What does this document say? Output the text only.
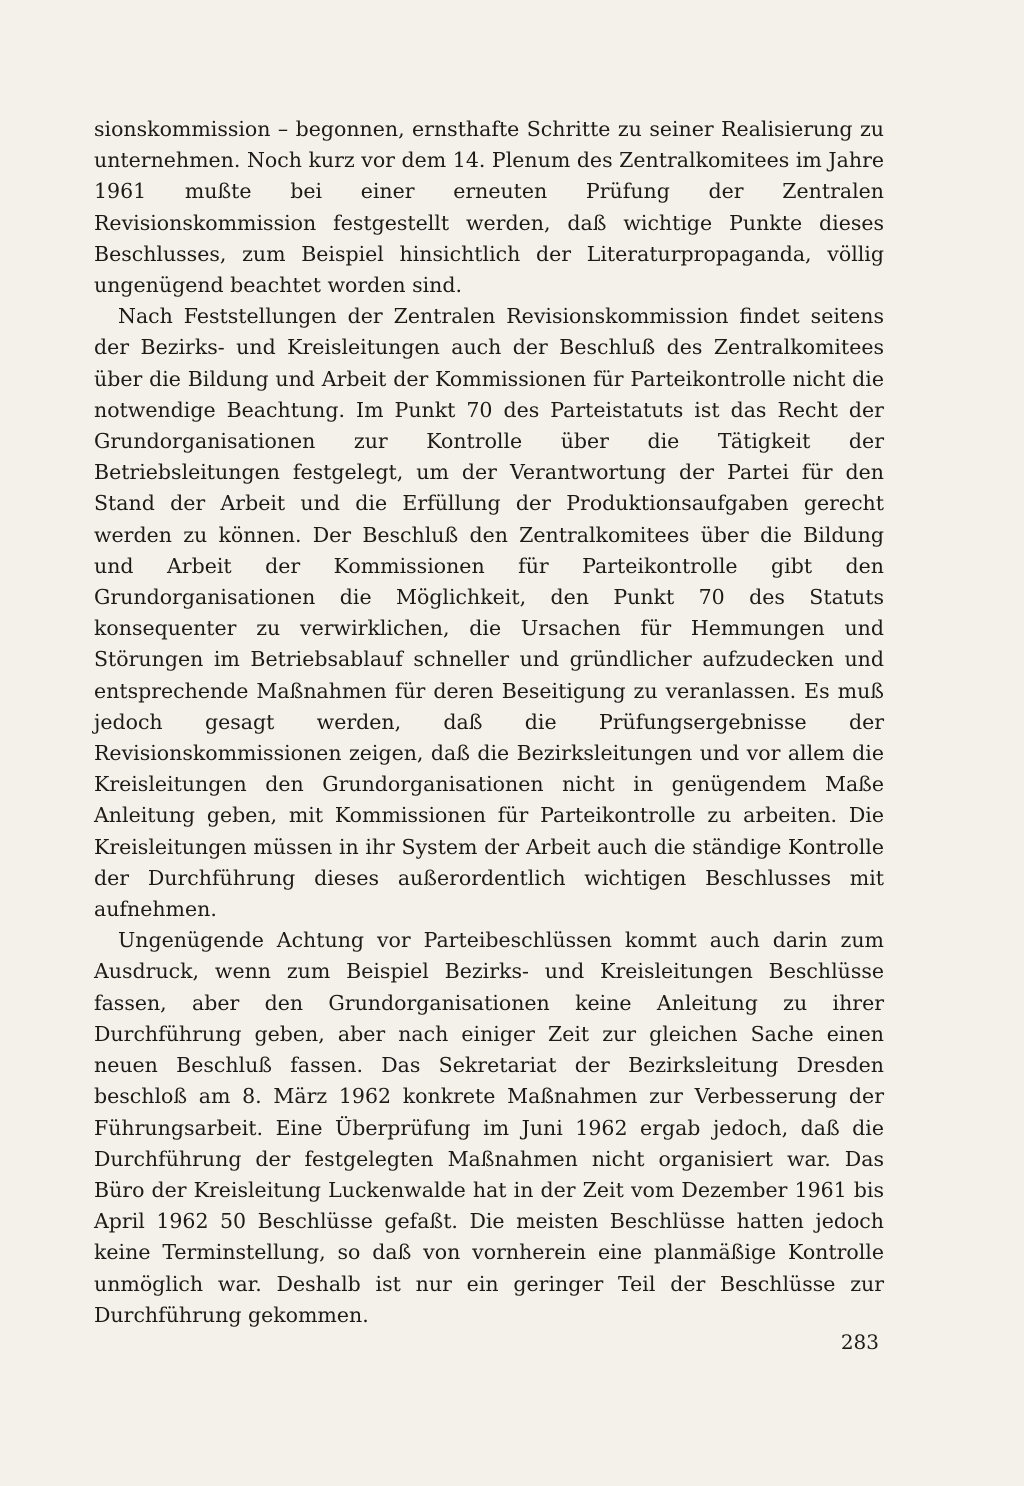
sionskommission – begonnen, ernsthafte Schritte zu seiner Realisierung zu unternehmen. Noch kurz vor dem 14. Plenum des Zentralkomitees im Jahre 1961 mußte bei einer erneuten Prüfung der Zentralen Revisionskommission festgestellt werden, daß wichtige Punkte dieses Beschlusses, zum Beispiel hinsichtlich der Literaturpropaganda, völlig ungenügend beachtet worden sind.

Nach Feststellungen der Zentralen Revisionskommission findet seitens der Bezirks- und Kreisleitungen auch der Beschluß des Zentralkomitees über die Bildung und Arbeit der Kommissionen für Parteikontrolle nicht die notwendige Beachtung. Im Punkt 70 des Parteistatuts ist das Recht der Grundorganisationen zur Kontrolle über die Tätigkeit der Betriebsleitungen festgelegt, um der Verantwortung der Partei für den Stand der Arbeit und die Erfüllung der Produktionsaufgaben gerecht werden zu können. Der Beschluß den Zentralkomitees über die Bildung und Arbeit der Kommissionen für Parteikontrolle gibt den Grundorganisationen die Möglichkeit, den Punkt 70 des Statuts konsequenter zu verwirklichen, die Ursachen für Hemmungen und Störungen im Betriebsablauf schneller und gründlicher aufzudecken und entsprechende Maßnahmen für deren Beseitigung zu veranlassen. Es muß jedoch gesagt werden, daß die Prüfungsergebnisse der Revisionskommissionen zeigen, daß die Bezirksleitungen und vor allem die Kreisleitungen den Grundorganisationen nicht in genügendem Maße Anleitung geben, mit Kommissionen für Parteikontrolle zu arbeiten. Die Kreisleitungen müssen in ihr System der Arbeit auch die ständige Kontrolle der Durchführung dieses außerordentlich wichtigen Beschlusses mit aufnehmen.

Ungenügende Achtung vor Parteibeschlüssen kommt auch darin zum Ausdruck, wenn zum Beispiel Bezirks- und Kreisleitungen Beschlüsse fassen, aber den Grundorganisationen keine Anleitung zu ihrer Durchführung geben, aber nach einiger Zeit zur gleichen Sache einen neuen Beschluß fassen. Das Sekretariat der Bezirksleitung Dresden beschloß am 8. März 1962 konkrete Maßnahmen zur Verbesserung der Führungsarbeit. Eine Überprüfung im Juni 1962 ergab jedoch, daß die Durchführung der festgelegten Maßnahmen nicht organisiert war. Das Büro der Kreisleitung Luckenwalde hat in der Zeit vom Dezember 1961 bis April 1962 50 Beschlüsse gefaßt. Die meisten Beschlüsse hatten jedoch keine Terminstellung, so daß von vornherein eine planmäßige Kontrolle unmöglich war. Deshalb ist nur ein geringer Teil der Beschlüsse zur Durchführung gekommen.

283
